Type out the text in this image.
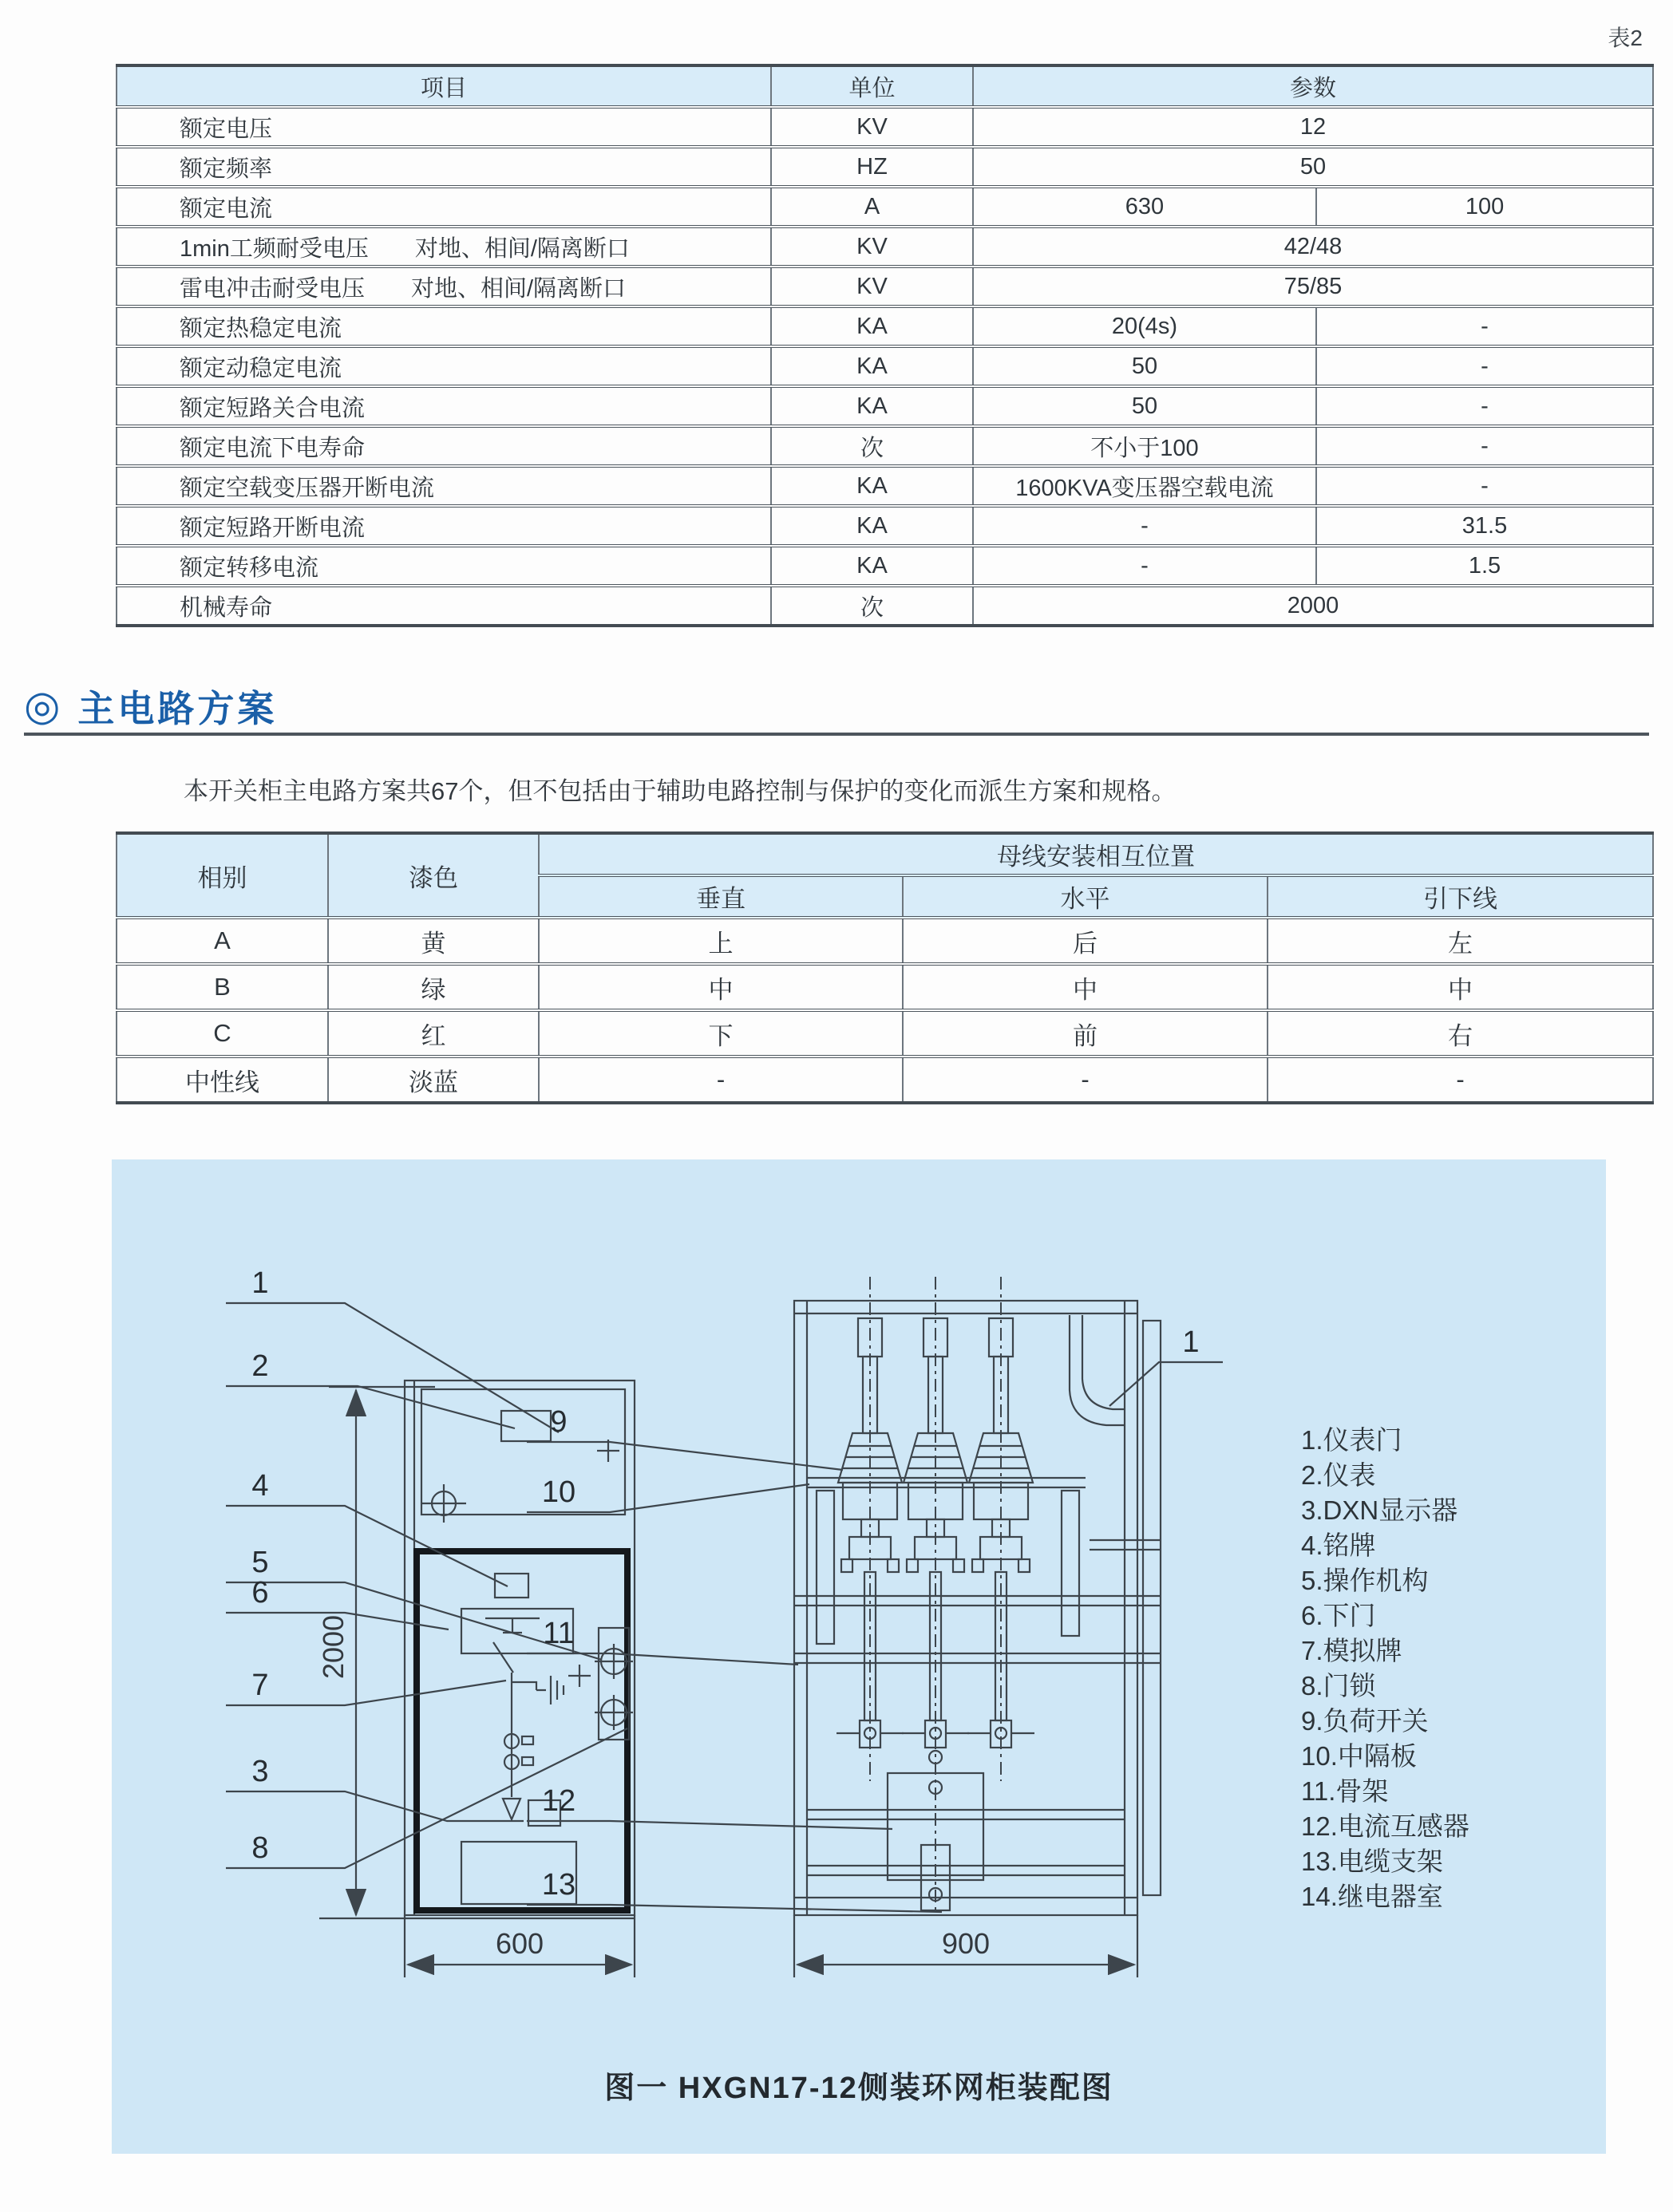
表2
项目	单位	参数	
额定电压	KV	12	
额定频率	HZ	50	
额定电流	A	630	100
1min工频耐受电压　　对地、相间/隔离断口	KV	42/48	
雷电冲击耐受电压　　对地、相间/隔离断口	KV	75/85	
额定热稳定电流	KA	20(4s)	-
额定动稳定电流	KA	50	-
额定短路关合电流	KA	50	-
额定电流下电寿命	次	不小于100	-
额定空载变压器开断电流	KA	1600KVA变压器空载电流	-
额定短路开断电流	KA	-	31.5
额定转移电流	KA	-	1.5
机械寿命	次	2000	
◎ 主电路方案
本开关柜主电路方案共67个，但不包括由于辅助电路控制与保护的变化而派生方案和规格。
相别	漆色	母线安装相互位置		
		垂直	水平	引下线
A	黄	上	后	左
B	绿	中	中	中
C	红	下	前	右
中性线	淡蓝	-	-	-
2000
600
1
2
4
5
6
7
3
8
900
9
10
11
12
13
1
1.仪表门
2.仪表
3.DXN显示器
4.铭牌
5.操作机构
6.下门
7.模拟牌
8.门锁
9.负荷开关
10.中隔板
11.骨架
12.电流互感器
13.电缆支架
14.继电器室
图一 HXGN17-12侧装环网柜装配图
